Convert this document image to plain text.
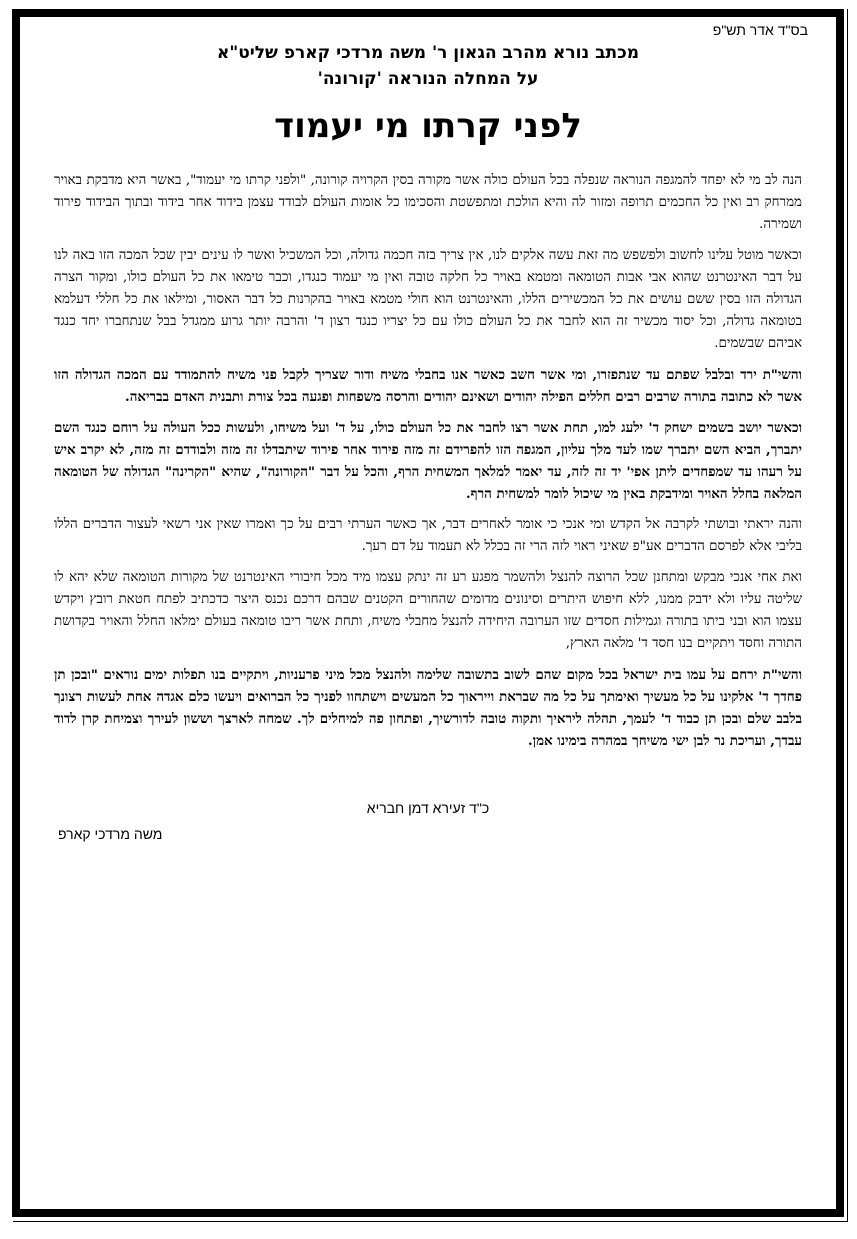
בס"ד אדר תש"פ

מכתב נורא מהרב הגאון ר' משה מרדכי קארפ שליט"א

על המחלה הנוראה 'קורונה'

לפני קרתו מי יעמוד

הנה לב מי לא יפחד להמגפה הנוראה שנפלה בכל העולם כולה אשר מקורה בסין הקרויה קורונה, "ולפני קרתו מי יעמוד", באשר היא מדבקת באויר ממרחק רב ואין כל החכמים תרופה ומזור לה והיא הולכת ומתפשטת והסכימו כל אומות העולם לבודד עצמן בידוד אחר בידוד ובתוך הבידוד פירוד ושמירה.

וכאשר מוטל עלינו לחשוב ולפשפש מה זאת עשה אלקים לנו, אין צריך בזה חכמה גדולה, וכל המשכיל ואשר לו עינים יבין שכל המכה הזו באה לנו על דבר האינטרנט שהוא אבי אבות הטומאה ומטמא באויר כל חלקה טובה ואין מי יעמוד כנגדו, וכבר טימאו את כל העולם כולו, ומקור הצרה הגדולה הזו בסין ששם עושים את כל המכשירים הללו, והאינטרנט הוא חולי מטמא באויר בהקרנות כל דבר האסור, ומילאו את כל חללי דעלמא בטומאה גדולה, וכל יסוד מכשיר זה הוא לחבר את כל העולם כולו עם כל יצריו כנגד רצון ד' והרבה יותר גרוע ממגדל בבל שנתחברו יחד כנגד אביהם שבשמים.

והשי"ת ירד ובלבל שפתם עד שנתפזרו, ומי אשר חשב כאשר אנו בחבלי משיח ודור שצריך לקבל פני משיח להתמודד עם המכה הגדולה הזו אשר לא כתובה בתורה שרבים רבים חללים הפילה יהודים ושאינם יהודים והרסה משפחות ופגעה בכל צורת ותבנית האדם בבריאה.

וכאשר יושב בשמים ישחק ד' ילעג למו, תחת אשר רצו לחבר את כל העולם כולו, על ד' ועל משיחו, ולעשות ככל העולה על רוחם כנגד השם יתברך, הביא השם יתברך שמו לעד מלך עליון, המגפה הזו להפרידם זה מזה פירוד אחר פירוד שיתבדלו זה מזה ולבודדם זה מזה, לא יקרב איש על רעהו עד שמפחדים ליתן אפי' יד זה לזה, עד יאמר למלאך המשחית הרף, והכל על דבר "הקורונה", שהיא "הקרינה" הגדולה של הטומאה המלאה בחלל האויר ומידבקת באין מי שיכול לומר למשחית הרף.

והנה יראתי ובושתי לקרבה אל הקדש ומי אנכי כי אומר לאחרים דבר, אך כאשר הערתי רבים על כך ואמרו שאין אני רשאי לעצור הדברים הללו בליבי אלא לפרסם הדברים אע"פ שאיני ראוי לזה הרי זה בכלל לא תעמוד על דם רעך.

ואת אחי אנכי מבקש ומתחנן שכל הרוצה להנצל ולהשמר מפגע רע זה ינתק עצמו מיד מכל חיבורי האינטרנט של מקורות הטומאה שלא יהא לו שליטה עליו ולא ידבק ממנו, ללא חיפוש היתרים וסינונים מדומים שהחורים הקטנים שבהם דרכם נכנס היצר כדכתיב לפתח חטאת רובץ ויקדש עצמו הוא ובני ביתו בתורה וגמילות חסדים שזו הערובה היחידה להנצל מחבלי משיח, ותחת אשר ריבו טומאה בעולם ימלאו החלל והאויר בקדושת התורה וחסד ויתקיים בנו חסד ד' מלאה הארץ,

והשי"ת ירחם על עמו בית ישראל בכל מקום שהם לשוב בתשובה שלימה ולהנצל מכל מיני פרעניות, ויתקיים בנו תפלות ימים נוראים "ובכן תן פחדך ד' אלקינו על כל מעשיך ואימתך על כל מה שבראת וייראוך כל המעשים וישתחוו לפניך כל הברואים ויעשו כלם אגדה אחת לעשות רצונך בלבב שלם ובכן תן כבוד ד' לעמך, תהלה ליראיך ותקוה טובה לדורשיך, ופתחון פה למיחלים לך. שמחה לארצך וששון לעירך וצמיחת קרן לדוד עבדך, ועריכת נר לבן ישי משיחך במהרה בימינו אמן.

כ"ד זעירא דמן חבריא

משה מרדכי קארפ
